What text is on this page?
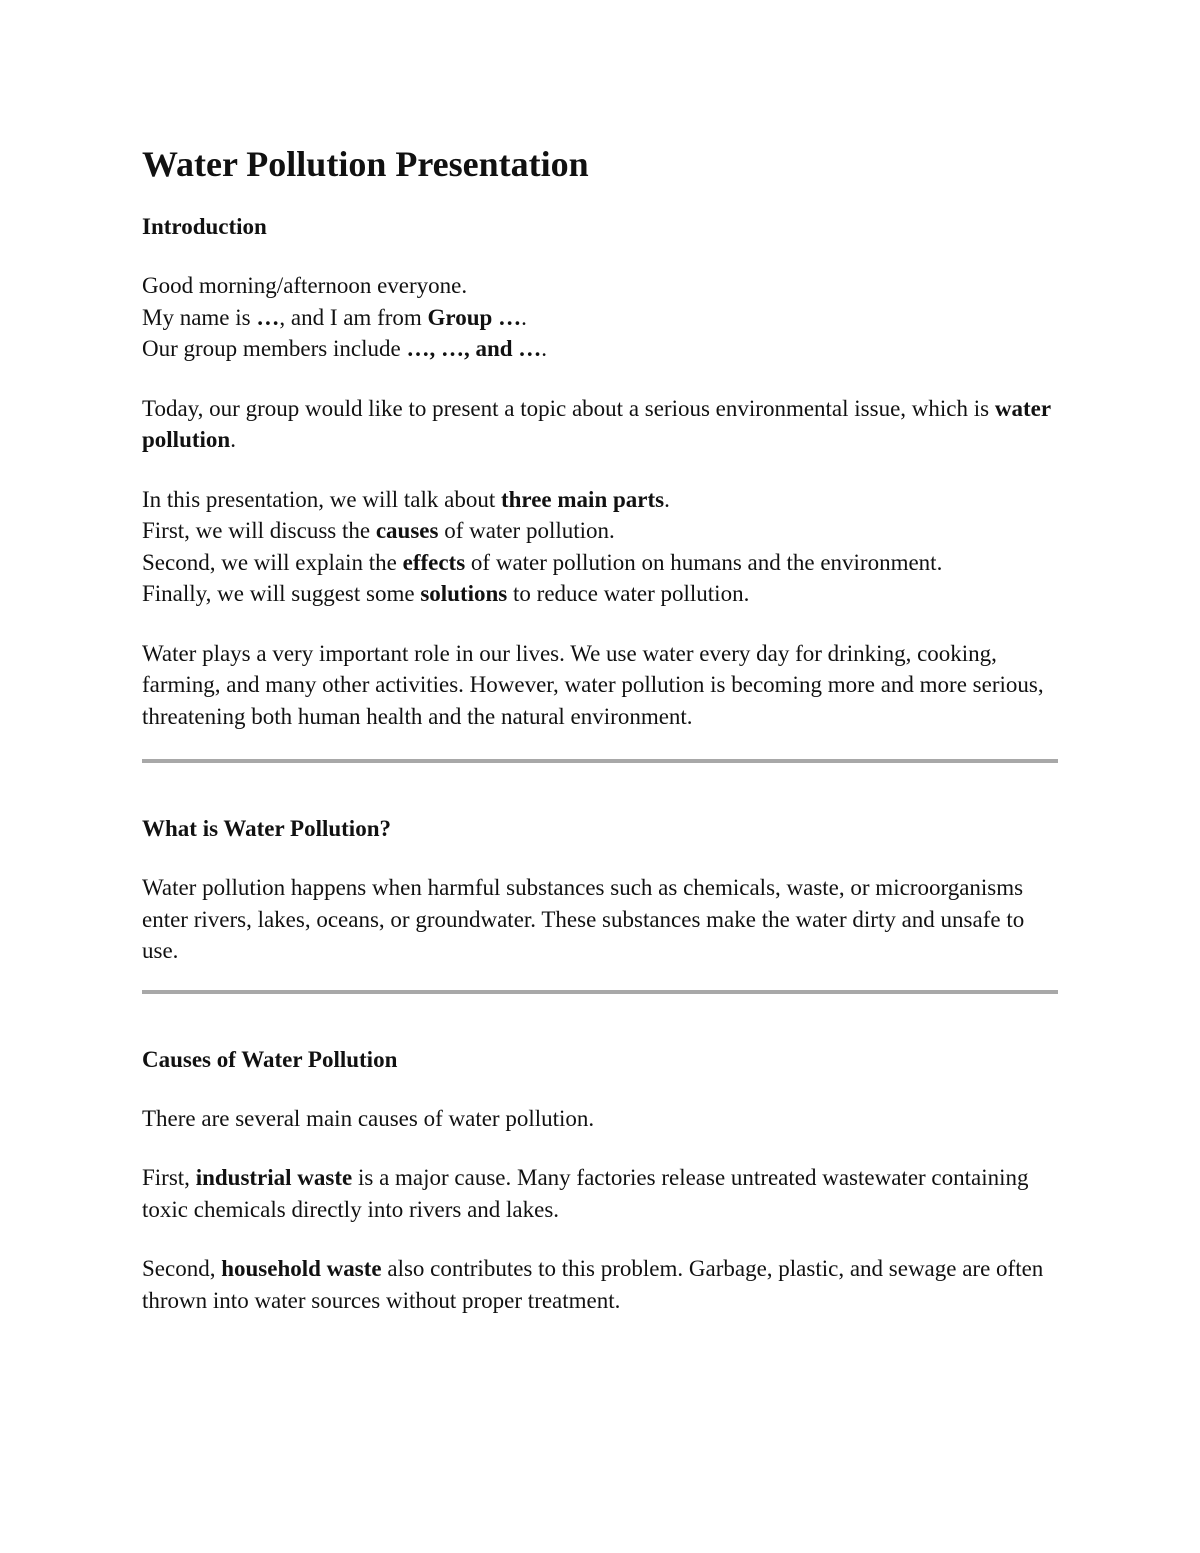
Water Pollution Presentation
Introduction

Good morning/afternoon everyone.

My name is …, and I am from Group ….

Our group members include …, …, and ….

Today, our group would like to present a topic about a serious environmental issue, which is water pollution.

In this presentation, we will talk about three main parts.

First, we will discuss the causes of water pollution.

Second, we will explain the effects of water pollution on humans and the environment.

Finally, we will suggest some solutions to reduce water pollution.

Water plays a very important role in our lives. We use water every day for drinking, cooking, farming, and many other activities. However, water pollution is becoming more and more serious, threatening both human health and the natural environment.

What is Water Pollution?

Water pollution happens when harmful substances such as chemicals, waste, or microorganisms enter rivers, lakes, oceans, or groundwater. These substances make the water dirty and unsafe to use.

Causes of Water Pollution

There are several main causes of water pollution.

First, industrial waste is a major cause. Many factories release untreated wastewater containing toxic chemicals directly into rivers and lakes.

Second, household waste also contributes to this problem. Garbage, plastic, and sewage are often thrown into water sources without proper treatment.
